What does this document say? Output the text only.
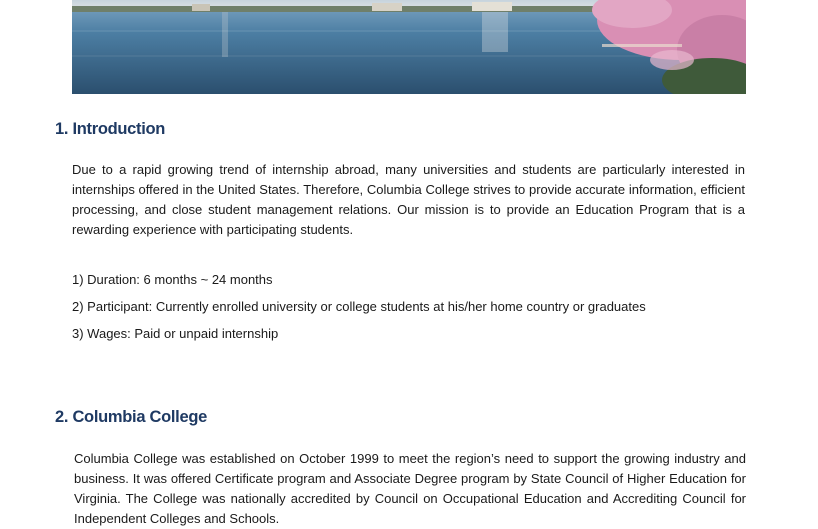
1. Introduction

Due to a rapid growing trend of internship abroad, many universities and students are particularly interested in internships offered in the United States. Therefore, Columbia College strives to provide accurate information, efficient processing, and close student management relations. Our mission is to provide an Education Program that is a rewarding experience with participating students.

1) Duration: 6 months ~ 24 months
2) Participant: Currently enrolled university or college students at his/her home country or graduates
3) Wages: Paid or unpaid internship
2. Columbia College

Columbia College was established on October 1999 to meet the region’s need to support the growing industry and business. It was offered Certificate program and Associate Degree program by State Council of Higher Education for Virginia. The College was nationally accredited by Council on Occupational Education and Accrediting Council for Independent Colleges and Schools.
